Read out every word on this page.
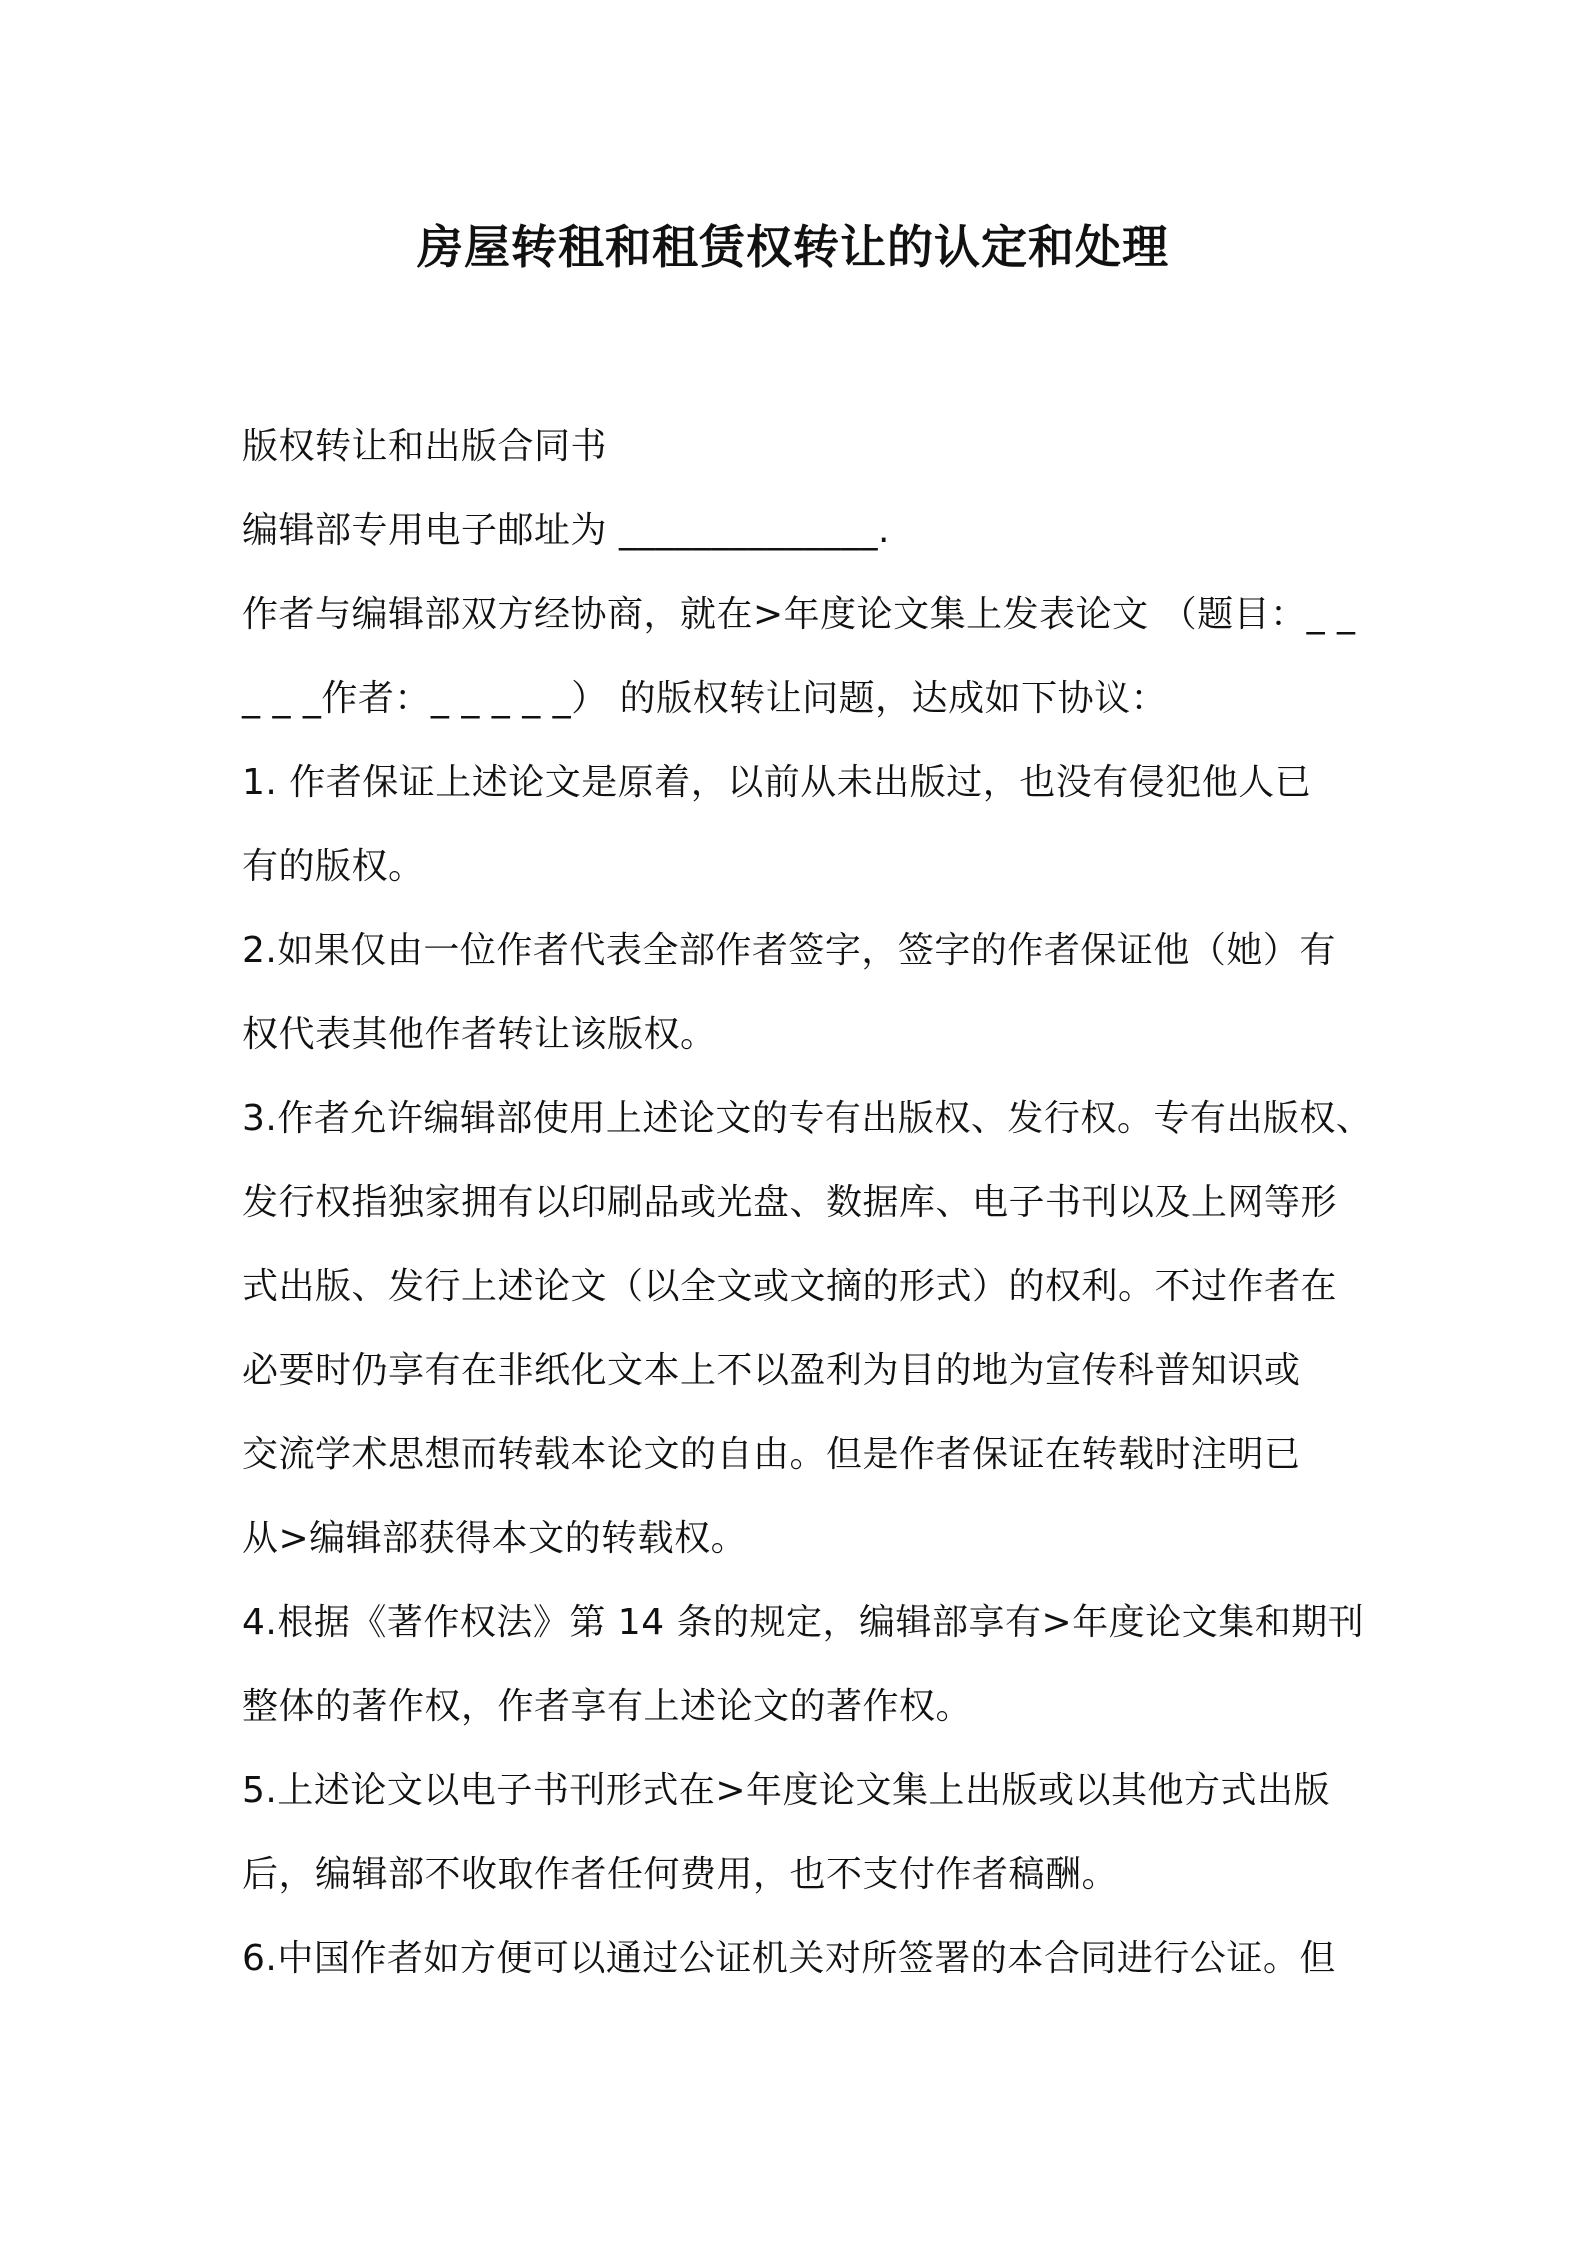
房屋转租和租赁权转让的认定和处理

版权转让和出版合同书

编辑部专用电子邮址为 ______________.

作者与编辑部双方经协商，就在>年度论文集上发表论文 （题目：_ _

_ _ _作者：_ _ _ _ _） 的版权转让问题，达成如下协议：

1. 作者保证上述论文是原着，以前从未出版过，也没有侵犯他人已

有的版权。

2.如果仅由一位作者代表全部作者签字，签字的作者保证他（她）有

权代表其他作者转让该版权。

3.作者允许编辑部使用上述论文的专有出版权、发行权。专有出版权、

发行权指独家拥有以印刷品或光盘、数据库、电子书刊以及上网等形

式出版、发行上述论文（以全文或文摘的形式）的权利。不过作者在

必要时仍享有在非纸化文本上不以盈利为目的地为宣传科普知识或

交流学术思想而转载本论文的自由。但是作者保证在转载时注明已

从>编辑部获得本文的转载权。

4.根据《著作权法》第 14 条的规定，编辑部享有>年度论文集和期刊

整体的著作权，作者享有上述论文的著作权。

5.上述论文以电子书刊形式在>年度论文集上出版或以其他方式出版

后，编辑部不收取作者任何费用，也不支付作者稿酬。

6.中国作者如方便可以通过公证机关对所签署的本合同进行公证。但
